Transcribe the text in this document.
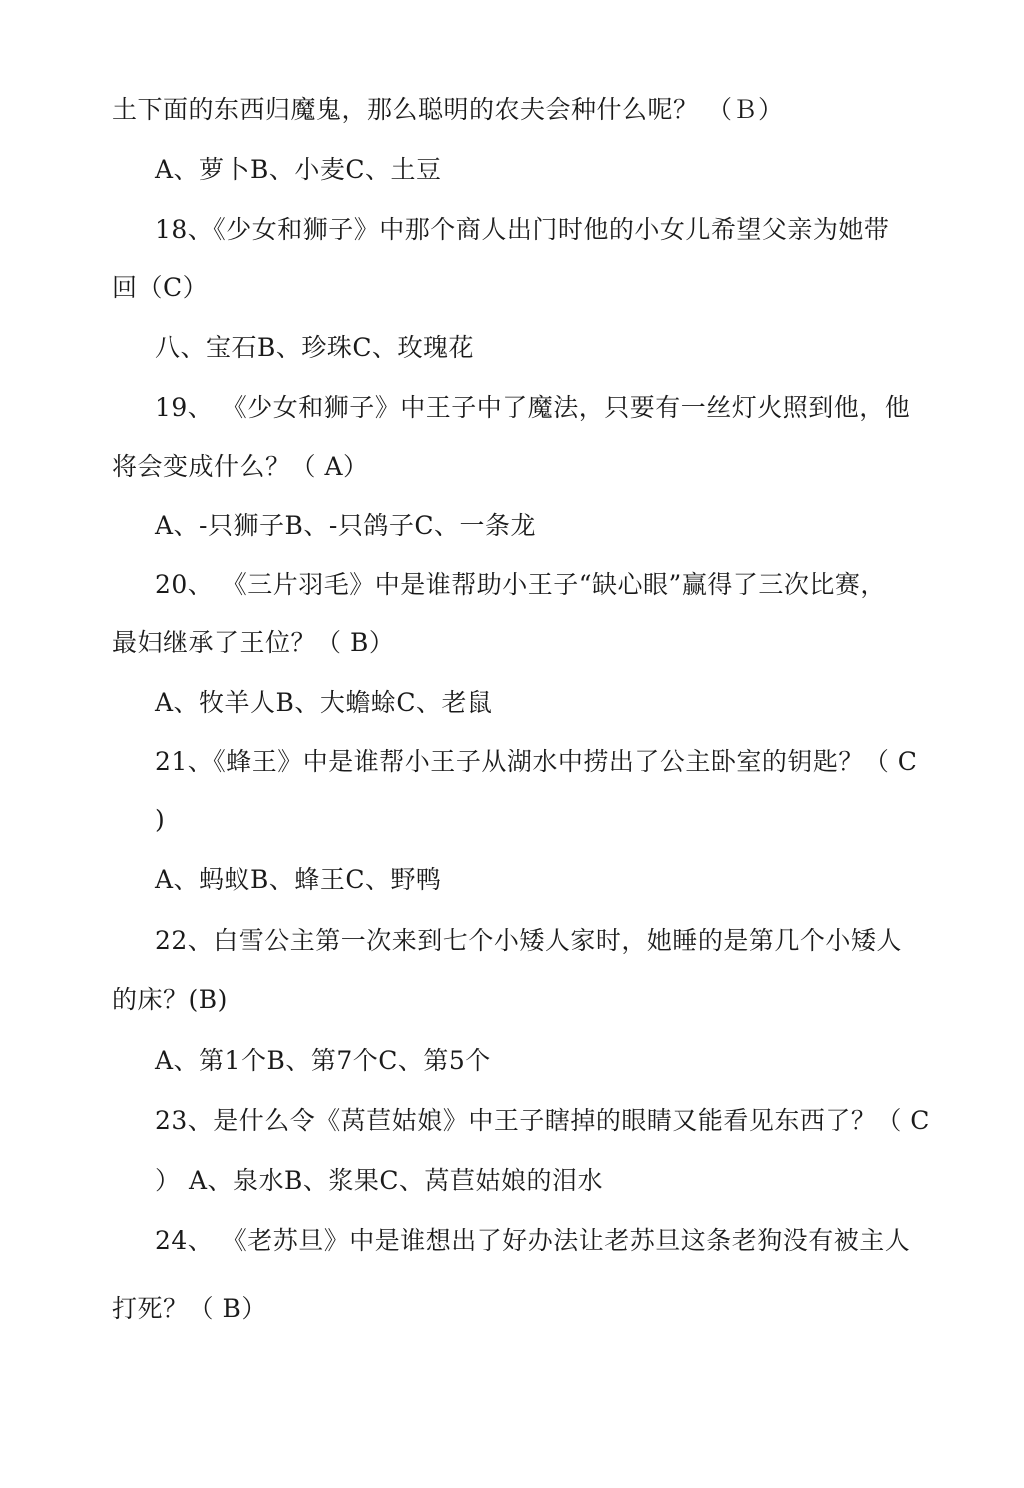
土下面的东西归魔鬼，那么聪明的农夫会种什么呢？ （Ｂ）
A、萝卜B、小麦C、土豆
18、《少女和狮子》中那个商人出门时他的小女儿希望父亲为她带
回（C）
八、宝石B、珍珠C、玫瑰花
19、 《少女和狮子》中王子中了魔法，只要有一丝灯火照到他，他
将会变成什么？（ A）
A、-只狮子B、-只鸽子C、一条龙
20、 《三片羽毛》中是谁帮助小王子“缺心眼”赢得了三次比赛，
最妇继承了王位？（ B）
A、牧羊人B、大蟾蜍C、老鼠
21、《蜂王》中是谁帮小王子从湖水中捞出了公主卧室的钥匙？（ C
)
A、蚂蚁B、蜂王C、野鸭
22、白雪公主第一次来到七个小矮人家时，她睡的是第几个小矮人
的床？(B)
A、第1个B、第7个C、第5个
23、是什么令《莴苣姑娘》中王子瞎掉的眼睛又能看见东西了？（ C
） A、泉水B、浆果C、莴苣姑娘的泪水
24、 《老苏旦》中是谁想出了好办法让老苏旦这条老狗没有被主人
打死？（ B）
